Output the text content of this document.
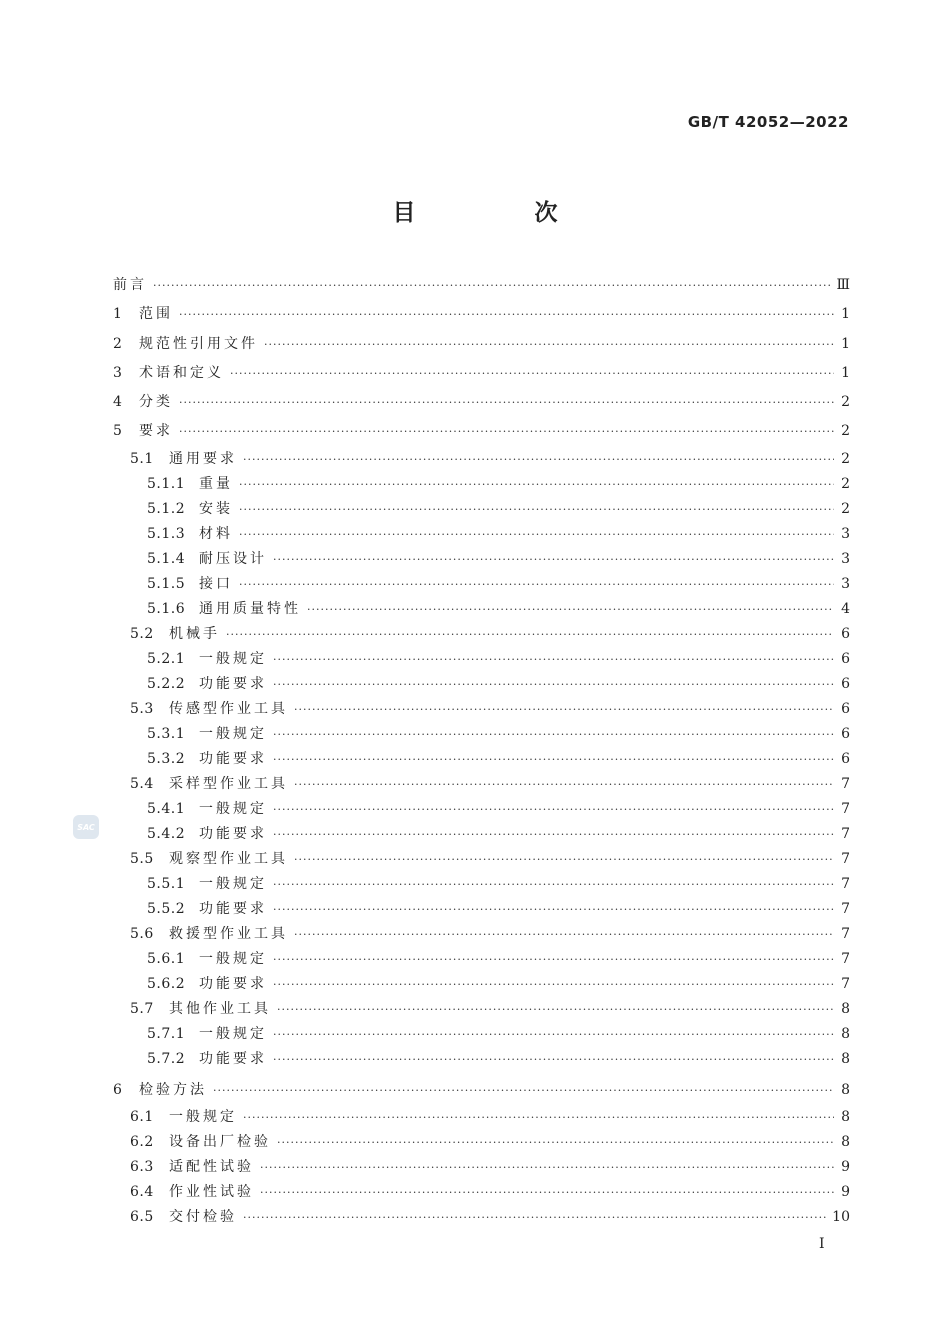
GB/T 42052—2022
目　次
前言 ·····	Ⅲ
1	范围 ·····	1
2	规范性引用文件 ·····	1
3	术语和定义 ·····	1
4	分类 ·····	2
5	要求 ·····	2
5.1	通用要求 ·····	2
5.1.1 重量 ·····	2
5.1.2 安装 ·····	2
5.1.3 材料 ·····	3
5.1.4 耐压设计 ·····	3
5.1.5 接口 ·····	3
5.1.6 通用质量特性 ·····	4
5.2	机械手 ·····	6
5.2.1 一般规定 ·····	6
5.2.2 功能要求 ·····	6
5.3	传感型作业工具 ·····	6
5.3.1 一般规定 ·····	6
5.3.2 功能要求 ·····	6
5.4	采样型作业工具 ·····	7
5.4.1 一般规定 ·····	7
5.4.2 功能要求 ·····	7
5.5	观察型作业工具 ·····	7
5.5.1 一般规定 ·····	7
5.5.2 功能要求 ·····	7
5.6	救援型作业工具 ·····	7
5.6.1 一般规定 ·····	7
5.6.2 功能要求 ·····	7
5.7	其他作业工具 ·····	8
5.7.1 一般规定 ·····	8
5.7.2 功能要求 ·····	8
6	检验方法 ·····	8
6.1	一般规定 ·····	8
6.2	设备出厂检验 ·····	8
6.3	适配性试验 ·····	9
6.4	作业性试验 ·····	9
6.5	交付检验 ·····	10
SAC
I
